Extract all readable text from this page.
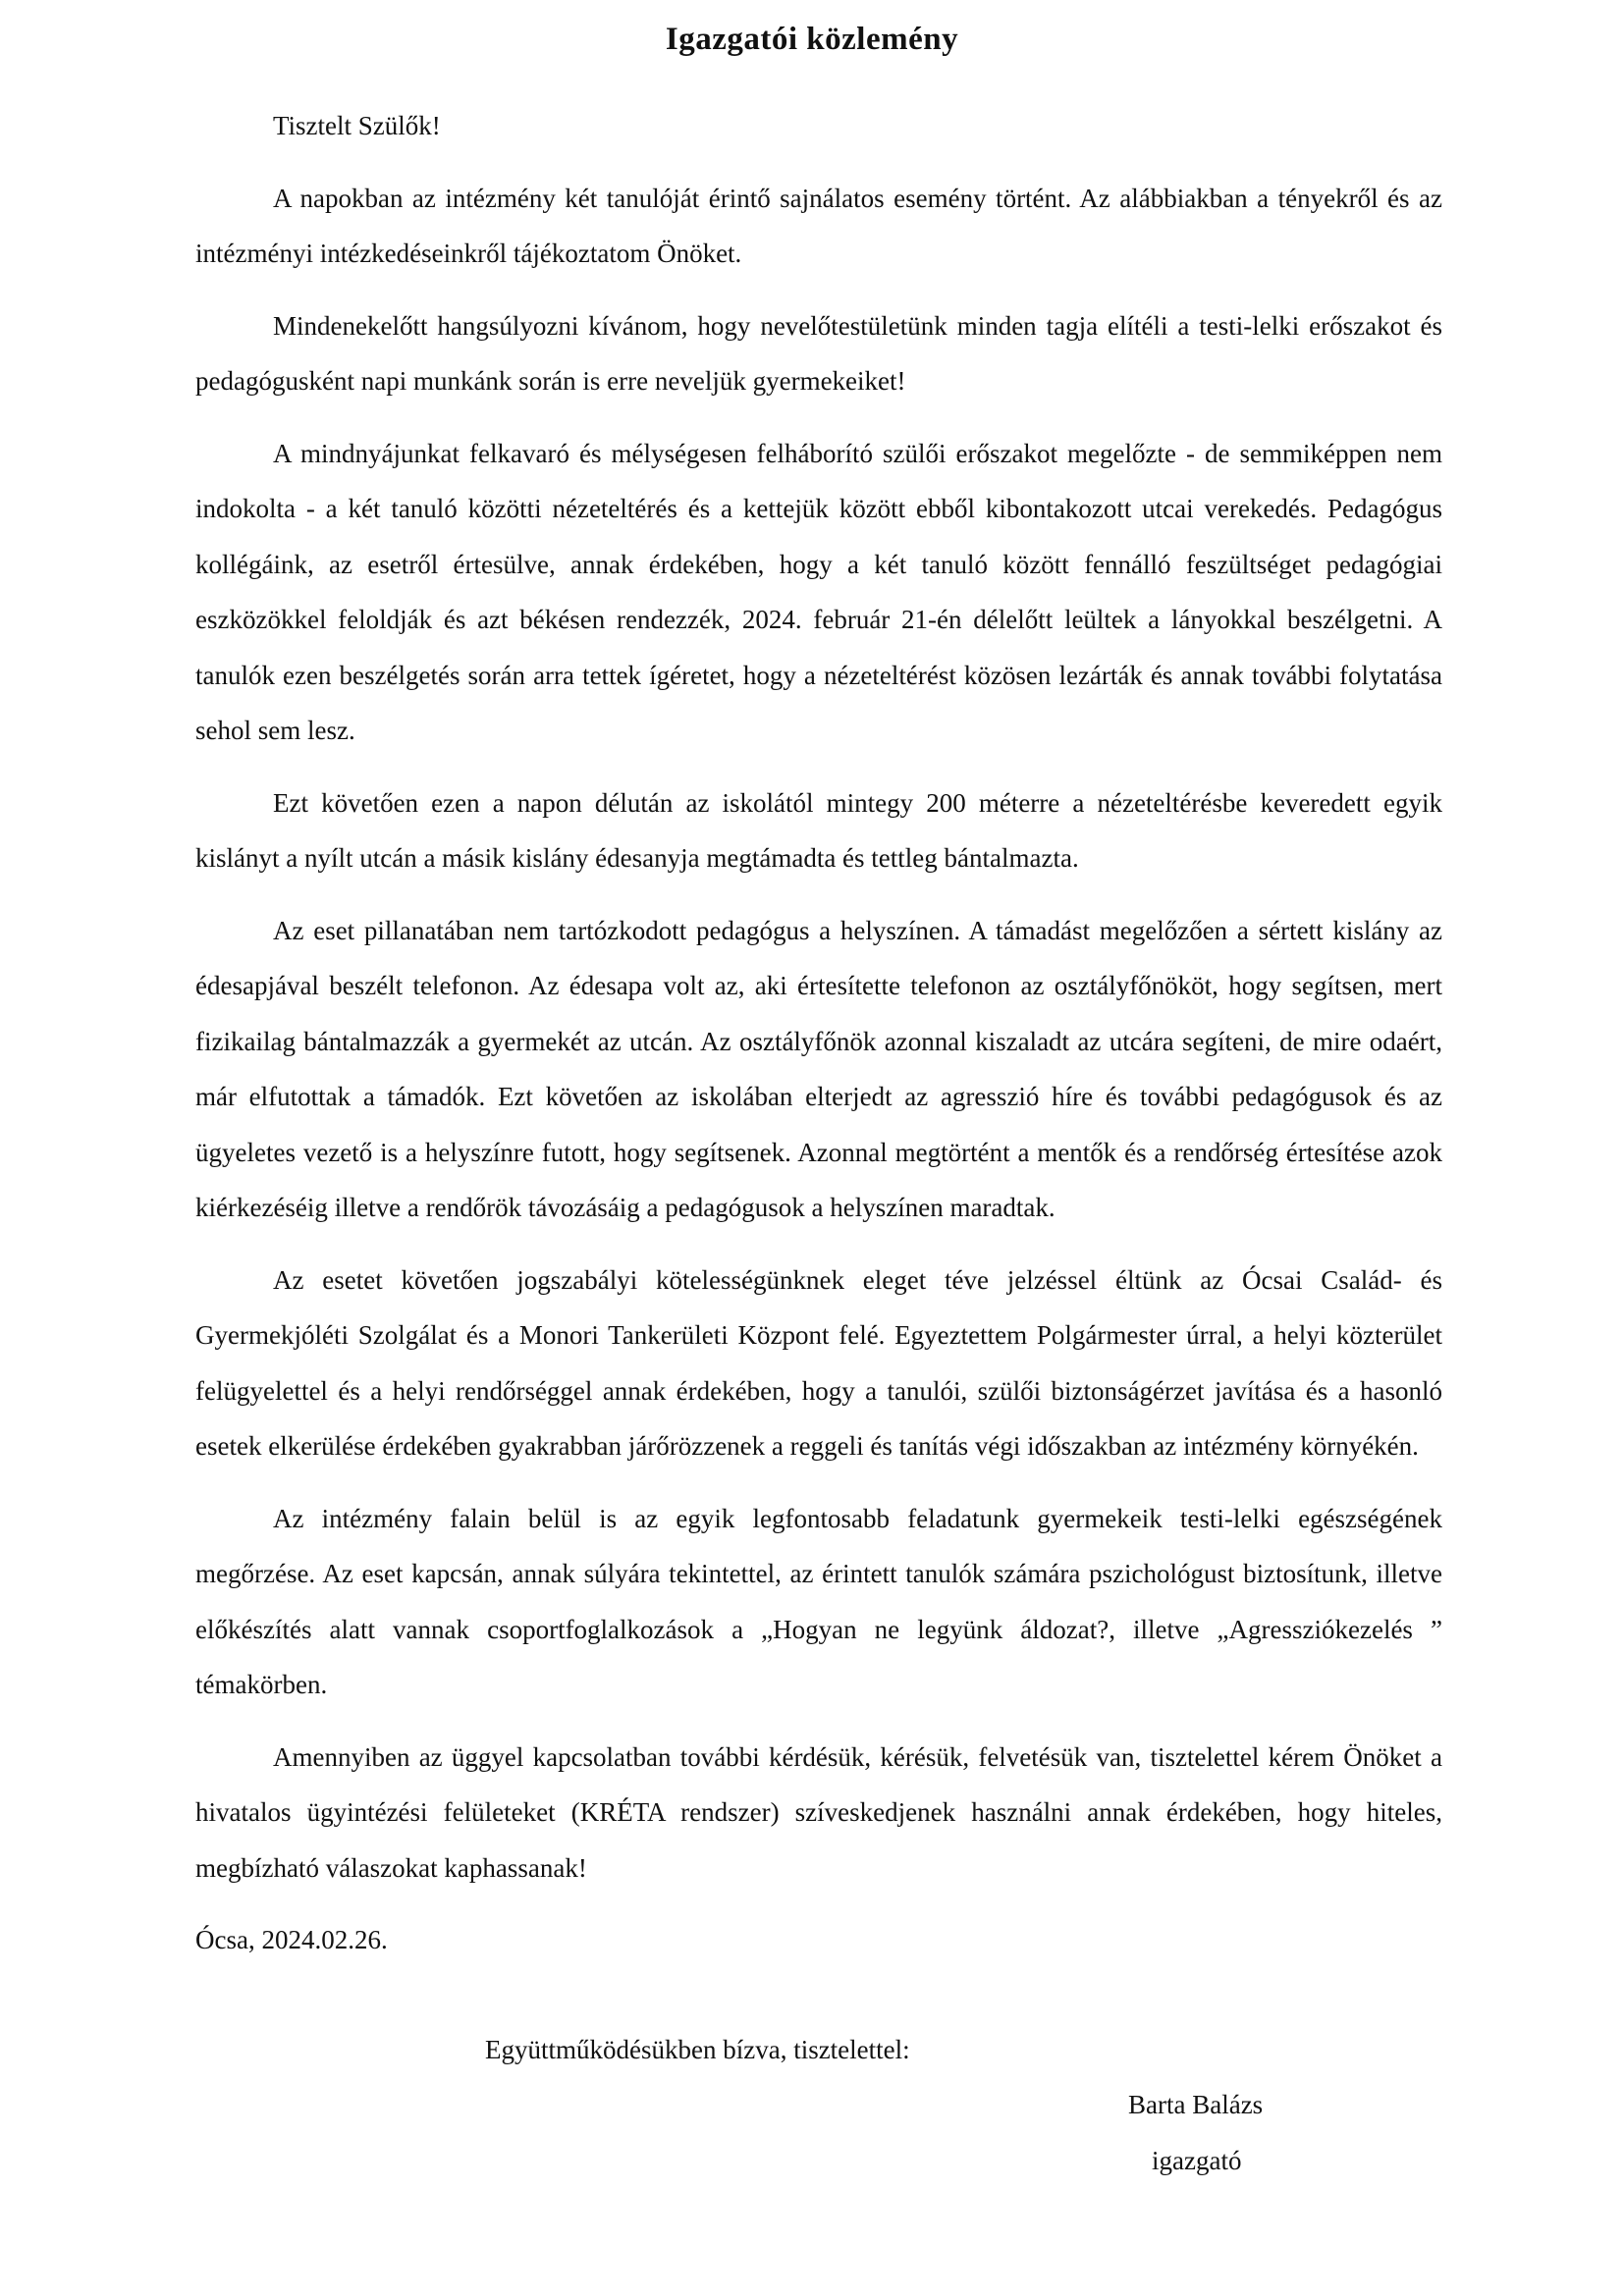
Igazgatói közlemény

Tisztelt Szülők!

A napokban az intézmény két tanulóját érintő sajnálatos esemény történt. Az alábbiakban a tényekről és az intézményi intézkedéseinkről tájékoztatom Önöket.

Mindenekelőtt hangsúlyozni kívánom, hogy nevelőtestületünk minden tagja elítéli a testi-lelki erőszakot és pedagógusként napi munkánk során is erre neveljük gyermekeiket!

A mindnyájunkat felkavaró és mélységesen felháborító szülői erőszakot megelőzte - de semmiképpen nem indokolta - a két tanuló közötti nézeteltérés és a kettejük között ebből kibontakozott utcai verekedés. Pedagógus kollégáink, az esetről értesülve, annak érdekében, hogy a két tanuló között fennálló feszültséget pedagógiai eszközökkel feloldják és azt békésen rendezzék, 2024. február 21-én délelőtt leültek a lányokkal beszélgetni. A tanulók ezen beszélgetés során arra tettek ígéretet, hogy a nézeteltérést közösen lezárták és annak további folytatása sehol sem lesz.

Ezt követően ezen a napon délután az iskolától mintegy 200 méterre a nézeteltérésbe keveredett egyik kislányt a nyílt utcán a másik kislány édesanyja megtámadta és tettleg bántalmazta.

Az eset pillanatában nem tartózkodott pedagógus a helyszínen. A támadást megelőzően a sértett kislány az édesapjával beszélt telefonon. Az édesapa volt az, aki értesítette telefonon az osztályfőnököt, hogy segítsen, mert fizikailag bántalmazzák a gyermekét az utcán. Az osztályfőnök azonnal kiszaladt az utcára segíteni, de mire odaért, már elfutottak a támadók. Ezt követően az iskolában elterjedt az agresszió híre és további pedagógusok és az ügyeletes vezető is a helyszínre futott, hogy segítsenek. Azonnal megtörtént a mentők és a rendőrség értesítése azok kiérkezéséig illetve a rendőrök távozásáig a pedagógusok a helyszínen maradtak.

Az esetet követően jogszabályi kötelességünknek eleget téve jelzéssel éltünk az Ócsai Család- és Gyermekjóléti Szolgálat és a Monori Tankerületi Központ felé. Egyeztettem Polgármester úrral, a helyi közterület felügyelettel és a helyi rendőrséggel annak érdekében, hogy a tanulói, szülői biztonságérzet javítása és a hasonló esetek elkerülése érdekében gyakrabban járőrözzenek a reggeli és tanítás végi időszakban az intézmény környékén.

Az intézmény falain belül is az egyik legfontosabb feladatunk gyermekeik testi-lelki egészségének megőrzése. Az eset kapcsán, annak súlyára tekintettel, az érintett tanulók számára pszichológust biztosítunk, illetve előkészítés alatt vannak csoportfoglalkozások a „Hogyan ne legyünk áldozat?, illetve „Agressziókezelés ” témakörben.

Amennyiben az üggyel kapcsolatban további kérdésük, kérésük, felvetésük van, tisztelettel kérem Önöket a hivatalos ügyintézési felületeket (KRÉTA rendszer) szíveskedjenek használni annak érdekében, hogy hiteles, megbízható válaszokat kaphassanak!

Ócsa, 2024.02.26.

Együttműködésükben bízva, tisztelettel:

Barta Balázs

igazgató
